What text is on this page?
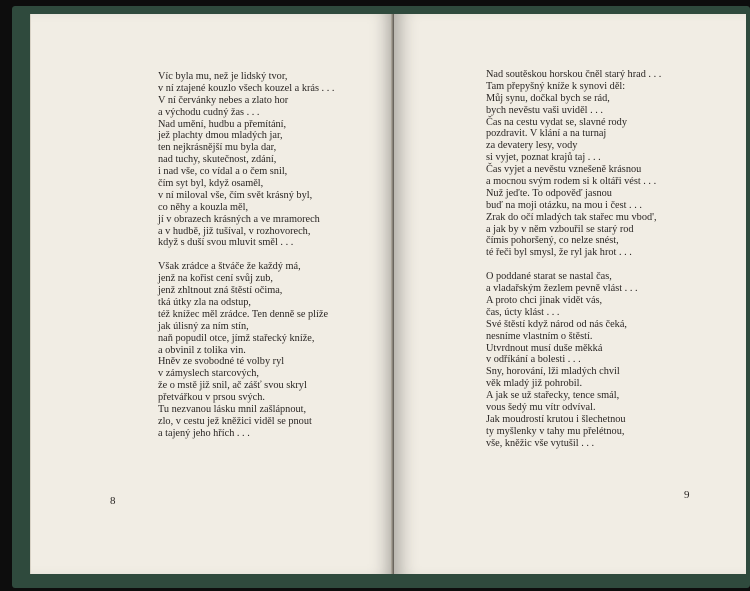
Víc byla mu, než je lidský tvor,
v ní ztajené kouzlo všech kouzel a krás . . .
V ní červánky nebes a zlato hor
a východu cudný žas . . .
Nad umění, hudbu a přemítání,
jež plachty dmou mladých jar,
ten nejkrásnější mu byla dar,
nad tuchy, skutečnost, zdání,
i nad vše, co vídal a o čem snil,
čím syt byl, když osaměl,
v ní miloval vše, čím svět krásný byl,
co něhy a kouzla měl,
jí v obrazech krásných a ve mramorech
a v hudbě, již tušíval, v rozhovorech,
když s duší svou mluvit směl . . .
Však zrádce a štváče že každý má,
jenž na kořist cení svůj zub,
jenž zhltnout zná štěstí očima,
tká útky zla na odstup,
též knížec měl zrádce. Ten denně se plíže
jak úlisný za ním stín,
naň popudil otce, jímž stařecký kníže,
a obvinil z tolika vin.
Hněv ze svobodné té volby ryl
v zámyslech starcových,
že o mstě již snil, ač zášť svou skryl
přetvářkou v prsou svých.
Tu nezvanou lásku mnil zašlápnout,
zlo, v cestu jež kněžici viděl se pnout
a tajený jeho hřích . . .
8
Nad soutěskou horskou čněl starý hrad . . .
Tam přepyšný kníže k synovi děl:
Můj synu, dočkal bych se rád,
bych nevěstu vaši uviděl . . .
Čas na cestu vydat se, slavné rody
pozdravit. V klání a na turnaj
za devatery lesy, vody
si vyjet, poznat krajů taj . . .
Čas vyjet a nevěstu vznešeně krásnou
a mocnou svým rodem si k oltáři vést . . .
Nuž jeďte. To odpověď jasnou
buď na moji otázku, na mou i čest . . .
Zrak do očí mladých tak stařec mu vbod',
a jak by v něm vzbouřil se starý rod
čímis pohoršený, co nelze snést,
té řeči byl smysl, že ryl jak hrot . . .
O poddané starat se nastal čas,
a vladařským žezlem pevně vlást . . .
A proto chci jinak vidět vás,
čas, úcty klást . . .
Své štěstí když národ od nás čeká,
nesníme vlastním o štěstí.
Utvrdnout musí duše měkká
v odříkání a bolesti . . .
Sny, horování, lži mladých chvil
věk mladý již pohrobil.
A jak se už stařecky, tence smál,
vous šedý mu vítr odvíval.
Jak moudrostí krutou i šlechetnou
ty myšlenky v tahy mu přelétnou,
vše, kněžic vše vytušil . . .
9
